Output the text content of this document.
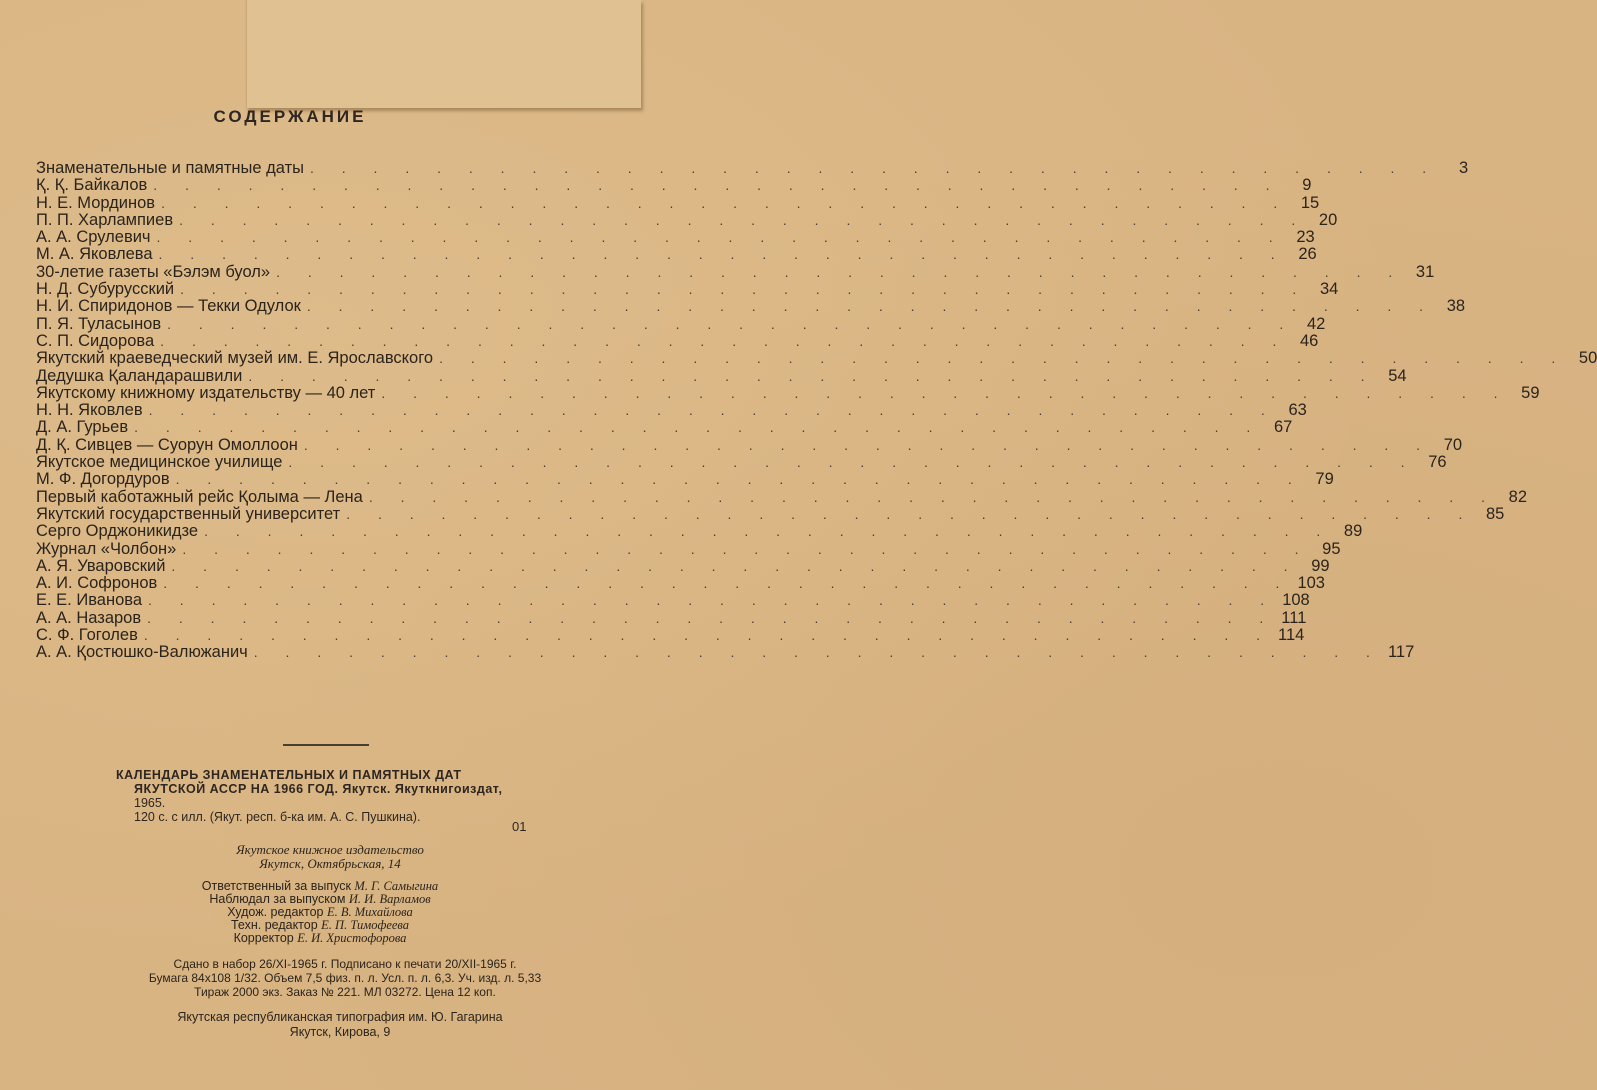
СОДЕРЖАНИЕ
Знаменательные и памятные даты . . . . . . . . . . . . . . . . . . . . . . . . . . . . . . . . . . . .	3
Қ. Қ. Байкалов . . . . . . . . . . . . . . . . . . . . . . . . . . . . . . . . . . . .	9
Н. Е. Мординов . . . . . . . . . . . . . . . . . . . . . . . . . . . . . . . . . . . . 15
П. П. Харлампиев . . . . . . . . . . . . . . . . . . . . . . . . . . . . . . . . . . . . 20
А. А. Срулевич . . . . . . . . . . . . . . . . . . . . . . . . . . . . . . . . . . . . 23
М. А. Яковлева . . . . . . . . . . . . . . . . . . . . . . . . . . . . . . . . . . . . 26
30-летие газеты «Бэлэм буол» . . . . . . . . . . . . . . . . . . . . . . . . . . . . . . . . . . . . 31
Н. Д. Субурусский . . . . . . . . . . . . . . . . . . . . . . . . . . . . . . . . . . . . 34
Н. И. Спиридонов — Текки Одулок . . . . . . . . . . . . . . . . . . . . . . . . . . . . . . . . . . . . 38
П. Я. Туласынов . . . . . . . . . . . . . . . . . . . . . . . . . . . . . . . . . . . . 42
С. П. Сидорова . . . . . . . . . . . . . . . . . . . . . . . . . . . . . . . . . . . . 46
Якутский краеведческий музей им. Е. Ярославского . . . . . . . . . . . . . . . . . . . . . . . . . . . . . . . . . . . . 50
Дедушка Қаландарашвили . . . . . . . . . . . . . . . . . . . . . . . . . . . . . . . . . . . . 54
Якутскому книжному издательству — 40 лет . . . . . . . . . . . . . . . . . . . . . . . . . . . . . . . . . . . . 59
Н. Н. Яковлев . . . . . . . . . . . . . . . . . . . . . . . . . . . . . . . . . . . . 63
Д. А. Гурьев . . . . . . . . . . . . . . . . . . . . . . . . . . . . . . . . . . . . 67
Д. Қ. Сивцев — Суорун Омоллоон . . . . . . . . . . . . . . . . . . . . . . . . . . . . . . . . . . . . 70
Якутское медицинское училище . . . . . . . . . . . . . . . . . . . . . . . . . . . . . . . . . . . . 76
М. Ф. Догордуров . . . . . . . . . . . . . . . . . . . . . . . . . . . . . . . . . . . . 79
Первый каботажный рейс Қолыма — Лена . . . . . . . . . . . . . . . . . . . . . . . . . . . . . . . . . . . . 82
Якутский государственный университет . . . . . . . . . . . . . . . . . . . . . . . . . . . . . . . . . . . . 85
Серго Орджоникидзе . . . . . . . . . . . . . . . . . . . . . . . . . . . . . . . . . . . . 89
Журнал «Чолбон» . . . . . . . . . . . . . . . . . . . . . . . . . . . . . . . . . . . . 95
А. Я. Уваровский . . . . . . . . . . . . . . . . . . . . . . . . . . . . . . . . . . . . 99
А. И. Софронов . . . . . . . . . . . . . . . . . . . . . . . . . . . . . . . . . . . . 103
Е. Е. Иванова . . . . . . . . . . . . . . . . . . . . . . . . . . . . . . . . . . . . 108
А. А. Назаров . . . . . . . . . . . . . . . . . . . . . . . . . . . . . . . . . . . . 111
С. Ф. Гоголев . . . . . . . . . . . . . . . . . . . . . . . . . . . . . . . . . . . . 114
А. А. Қостюшко-Валюжанич . . . . . . . . . . . . . . . . . . . . . . . . . . . . . . . . . . . . 117
КАЛЕНДАРЬ ЗНАМЕНАТЕЛЬНЫХ И ПАМЯТНЫХ ДАТ
ЯКУТСКОЙ АССР НА 1966 ГОД. Якутск. Якуткнигоиздат,
1965.
120 с. с илл. (Якут. респ. б-ка им. А. С. Пушкина).
01
Якутское книжное издательство
Якутск, Октябрьская, 14
Ответственный за выпуск М. Г. Самыгина
Наблюдал за выпуском И. И. Варламов
Худож. редактор Е. В. Михайлова
Техн. редактор Е. П. Тимофеева
Корректор Е. И. Христофорова
Сдано в набор 26/XI-1965 г. Подписано к печати 20/XII-1965 г.
Бумага 84x108 1/32. Объем 7,5 физ. п. л. Усл. п. л. 6,3. Уч. изд. л. 5,33
Тираж 2000 экз. Заказ № 221. МЛ 03272. Цена 12 коп.
Якутская республиканская типография им. Ю. Гагарина
Якутск, Кирова, 9
